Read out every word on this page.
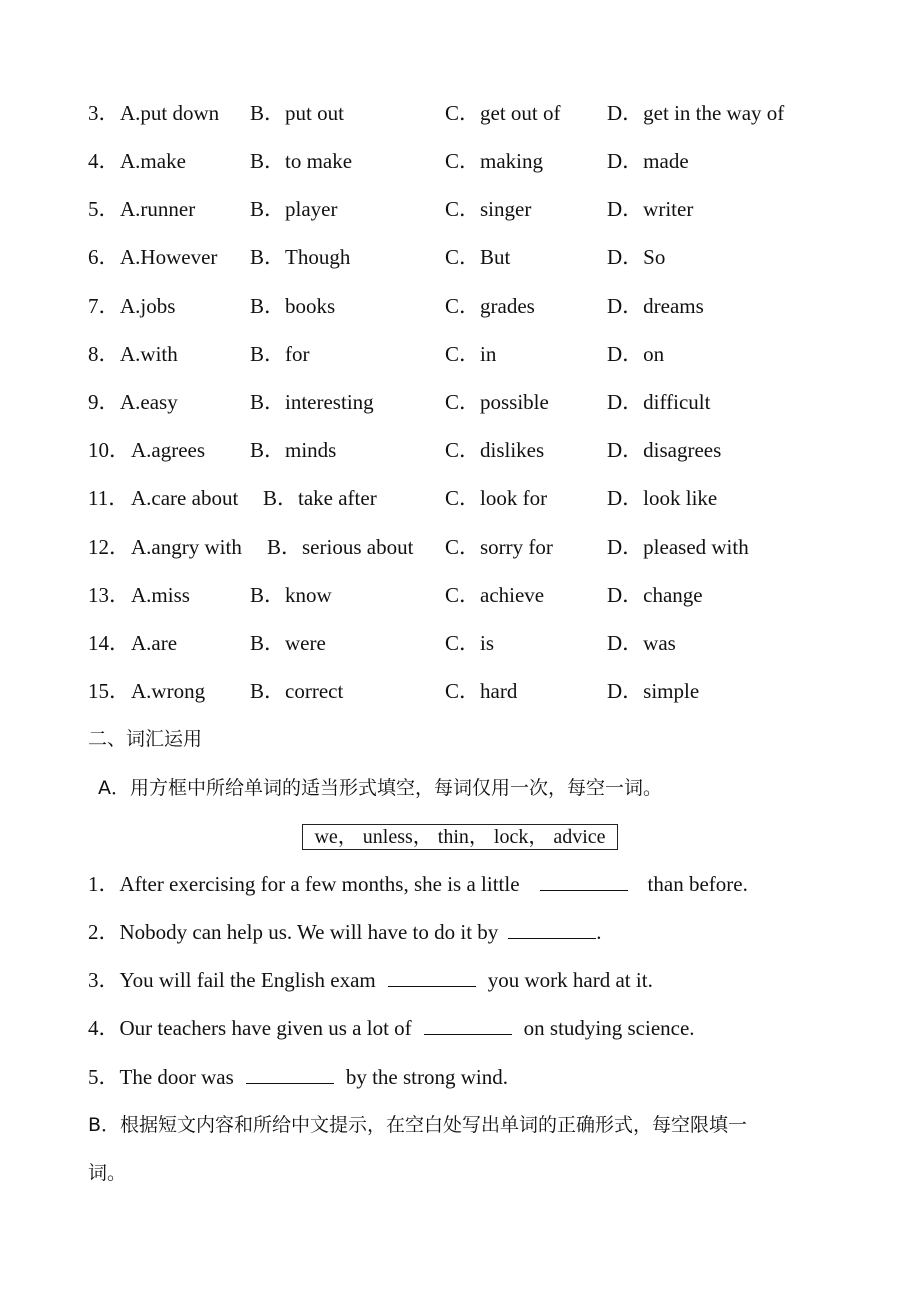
3． A.put down B．put out	C．get out of D．get in the way of
4． A.make	B．to make	C．making	D．made
5． A.runner	B．player	C．singer	D．writer
6． A.However B．Though	C．But	D．So
7． A.jobs	B．books	C．grades	D．dreams
8． A.with	B．for	C．in	D．on
9． A.easy	B．interesting	C．possible	D．difficult
10． A.agrees B．minds	C．dislikes	D．disagrees
11． A.care about B．take after	C．look for	D．look like
12． A.angry with B．serious about C．sorry for	D．pleased with
13． A.miss	B．know	C．achieve	D．change
14． A.are	B．were	C．is	D．was
15． A.wrong B．correct	C．hard	D．simple
二、词汇运用
A．用方框中所给单词的适当形式填空，每词仅用一次，每空一词。
we， unless， thin， lock， advice
1．After exercising for a few months, she is a little	than before.
2．Nobody can help us. We will have to do it by	.
3．You will fail the English exam	you work hard at it.
4．Our teachers have given us a lot of	on studying science.
5．The door was	by the strong wind.
B．根据短文内容和所给中文提示，在空白处写出单词的正确形式，每空限填一
词。
